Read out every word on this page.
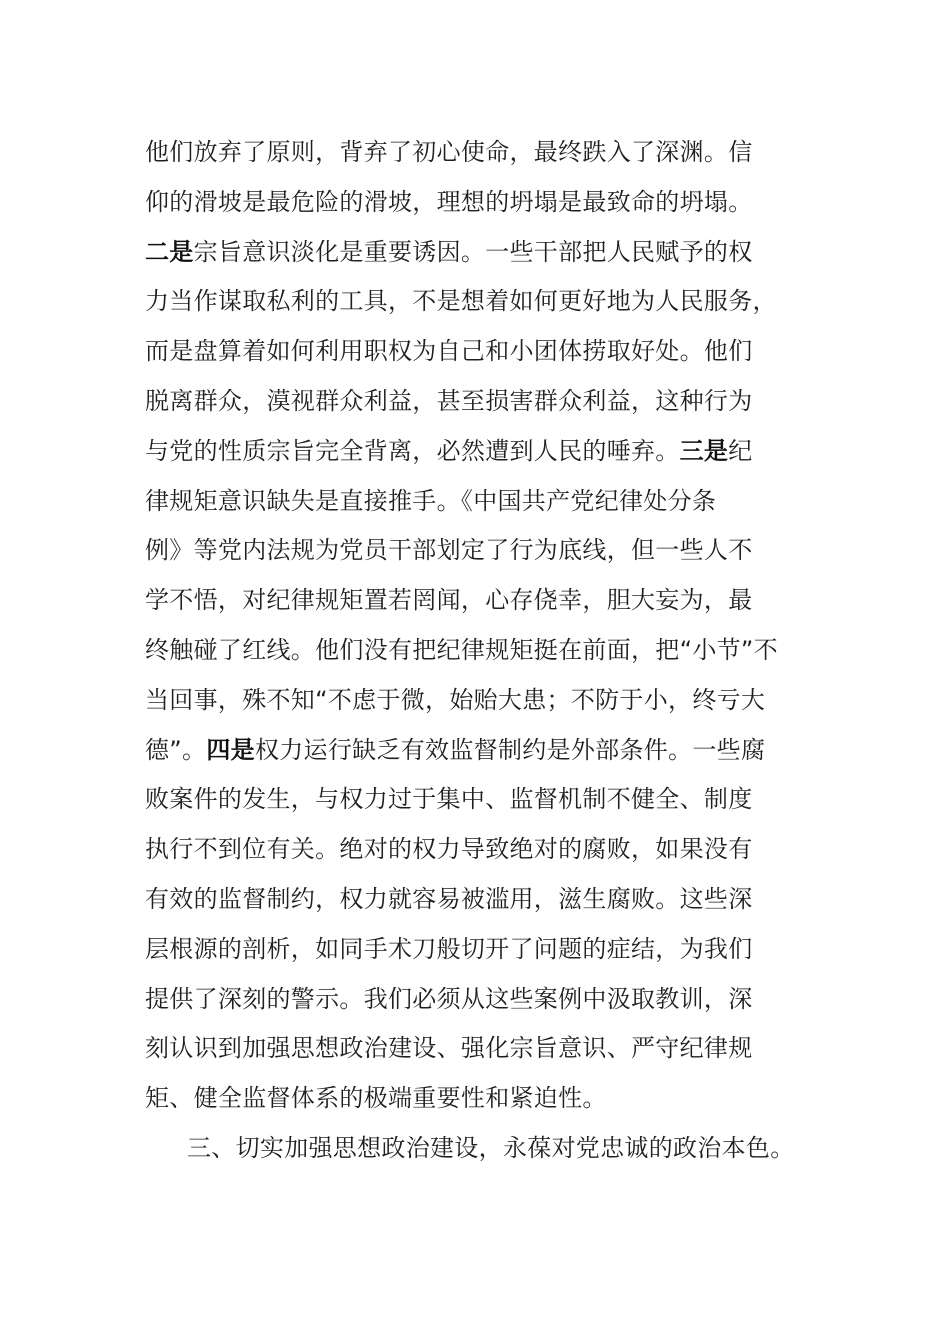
他们放弃了原则，背弃了初心使命，最终跌入了深渊。信
仰的滑坡是最危险的滑坡，理想的坍塌是最致命的坍塌。
二是宗旨意识淡化是重要诱因。一些干部把人民赋予的权
力当作谋取私利的工具，不是想着如何更好地为人民服务，
而是盘算着如何利用职权为自己和小团体捞取好处。他们
脱离群众，漠视群众利益，甚至损害群众利益，这种行为
与党的性质宗旨完全背离，必然遭到人民的唾弃。三是纪
律规矩意识缺失是直接推手。《中国共产党纪律处分条
例》等党内法规为党员干部划定了行为底线，但一些人不
学不悟，对纪律规矩置若罔闻，心存侥幸，胆大妄为，最
终触碰了红线。他们没有把纪律规矩挺在前面，把“小节”不
当回事，殊不知“不虑于微，始贻大患；不防于小，终亏大
德”。四是权力运行缺乏有效监督制约是外部条件。一些腐
败案件的发生，与权力过于集中、监督机制不健全、制度
执行不到位有关。绝对的权力导致绝对的腐败，如果没有
有效的监督制约，权力就容易被滥用，滋生腐败。这些深
层根源的剖析，如同手术刀般切开了问题的症结，为我们
提供了深刻的警示。我们必须从这些案例中汲取教训，深
刻认识到加强思想政治建设、强化宗旨意识、严守纪律规
矩、健全监督体系的极端重要性和紧迫性。
三、切实加强思想政治建设，永葆对党忠诚的政治本色。
